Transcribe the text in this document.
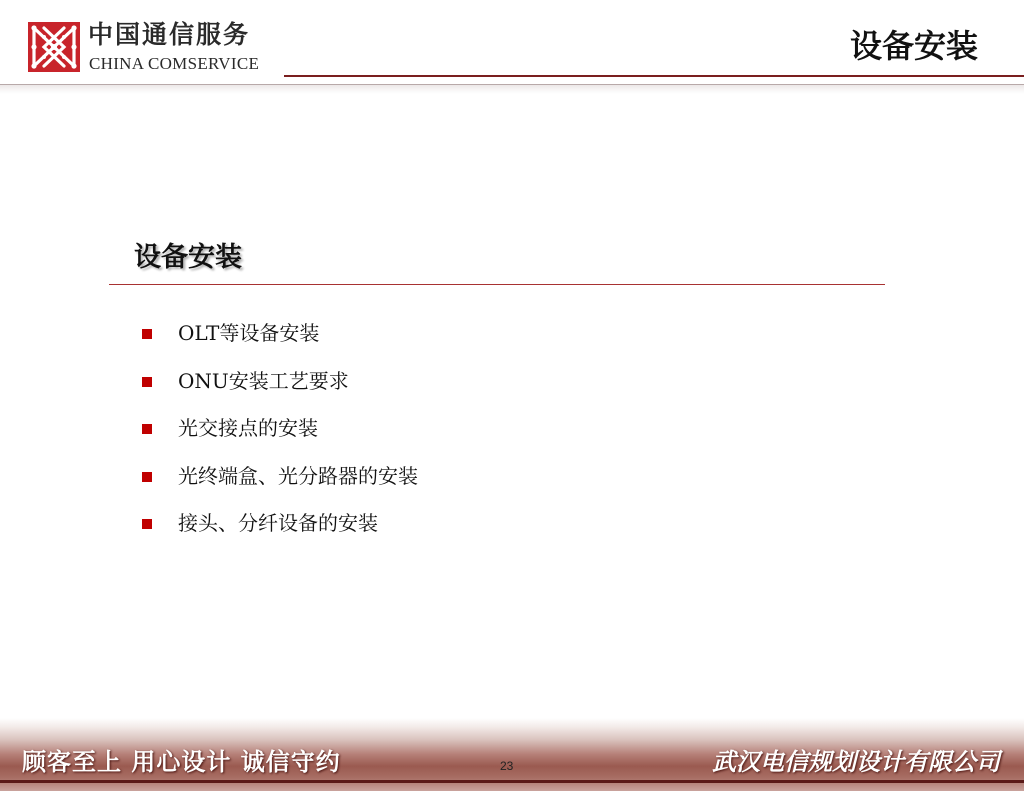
中国通信服务
CHINA COMSERVICE	设备安装
设备安装
OLT等设备安装
ONU安装工艺要求
光交接点的安装
光终端盒、光分路器的安装
接头、分纤设备的安装
顾客至上 用心设计 诚信守约	23	武汉电信规划设计有限公司
